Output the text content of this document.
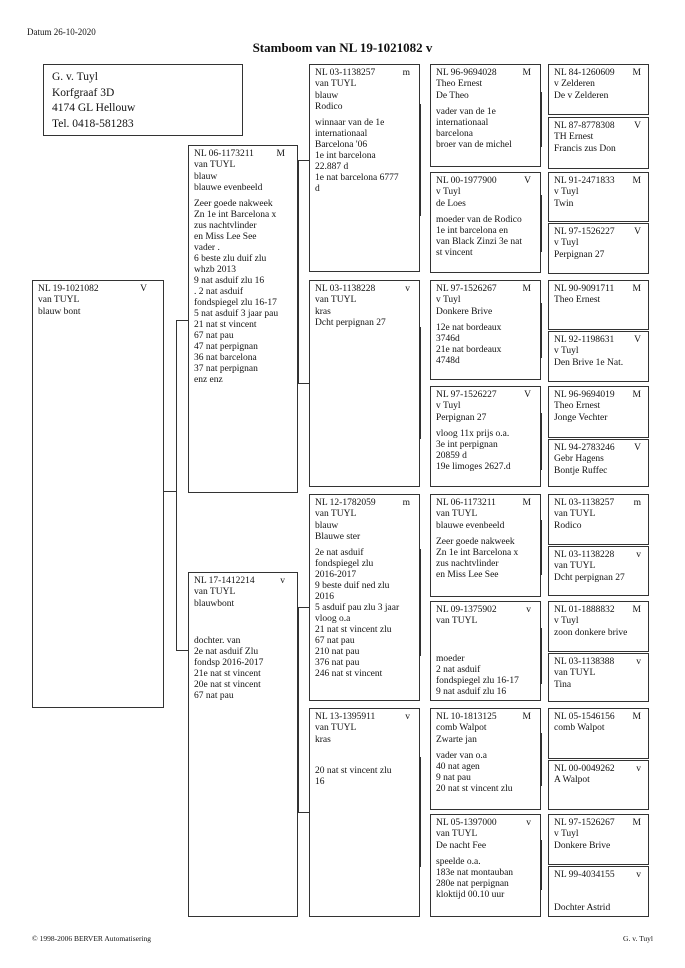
Datum 26-10-2020
Stamboom van NL 19-1021082 v
G. v. Tuyl
Korfgraaf 3D
4174 GL Hellouw
Tel. 0418-581283
NL 19-1021082	V
van TUYL
blauw bont
NL 06-1173211 M
van TUYL
blauw
blauwe evenbeeld
Zeer goede nakweek
Zn 1e int Barcelona x
zus nachtvlinder
en Miss Lee See
vader .
6 beste zlu duif zlu
whzb 2013
9 nat asduif zlu 16
. 2 nat asduif
fondspiegel zlu 16-17
5 nat asduif 3 jaar pau
21 nat st vincent
67 nat pau
47 nat perpignan
36 nat barcelona
37 nat perpignan
enz enz
NL 17-1412214	v
van TUYL
blauwbont
dochter. van
2e nat asduif Zlu
fondsp 2016-2017
21e nat st vincent
20e nat st vincent
67 nat pau
NL 03-1138257	m
van TUYL
blauw
Rodico
winnaar van de 1e
internationaal
Barcelona '06
1e int barcelona
22.887 d
1e nat barcelona 6777
d
NL 03-1138228	v
van TUYL
kras
Dcht perpignan 27
NL 12-1782059	m
van TUYL
blauw
Blauwe ster
2e nat asduif
fondspiegel zlu
2016-2017
9 beste duif ned zlu
2016
5 asduif pau zlu 3 jaar
vloog o.a
21 nat st vincent zlu
67 nat pau
210 nat pau
376 nat pau
246 nat st vincent
NL 13-1395911	v
van TUYL
kras
20 nat st vincent zlu
16
NL 96-9694028	M
Theo Ernest
De Theo
vader van de 1e
internationaal
barcelona
broer van de michel
NL 00-1977900	V
v Tuyl
de Loes
moeder van de Rodico
1e int barcelona en
van Black Zinzi 3e nat
st vincent
NL 97-1526267	M
v Tuyl
Donkere Brive
12e nat bordeaux
3746d
21e nat bordeaux
4748d
NL 97-1526227	V
v Tuyl
Perpignan 27
vloog 11x prijs o.a.
3e int perpignan
20859 d
19e limoges 2627.d
NL 06-1173211	M
van TUYL
blauwe evenbeeld
Zeer goede nakweek
Zn 1e int Barcelona x
zus nachtvlinder
en Miss Lee See
NL 09-1375902	v
van TUYL
moeder
2 nat asduif
fondspiegel zlu 16-17
9 nat asduif zlu 16
NL 10-1813125	M
comb Walpot
Zwarte jan
vader van o.a
40 nat agen
9 nat pau
20 nat st vincent zlu
NL 05-1397000	v
van TUYL
De nacht Fee
speelde o.a.
183e nat montauban
280e nat perpignan
kloktijd 00.10 uur
NL 84-1260609 M
v Zelderen
De v Zelderen
NL 87-8778308 V
TH Ernest
Francis zus Don
NL 91-2471833 M
v Tuyl
Twin
NL 97-1526227 V
v Tuyl
Perpignan 27
NL 90-9091711 M
Theo Ernest
NL 92-1198631 V
v Tuyl
Den Brive 1e Nat.
NL 96-9694019 M
Theo Ernest
Jonge Vechter
NL 94-2783246 V
Gebr Hagens
Bontje Ruffec
NL 03-1138257 m
van TUYL
Rodico
NL 03-1138228 v
van TUYL
Dcht perpignan 27
NL 01-1888832 M
v Tuyl
zoon donkere brive
NL 03-1138388 v
van TUYL
Tina
NL 05-1546156 M
comb Walpot
NL 00-0049262 v
A Walpot
NL 97-1526267 M
v Tuyl
Donkere Brive
NL 99-4034155 v
Dochter Astrid
© 1998-2006 BERVER Automatisering	G. v. Tuyl
